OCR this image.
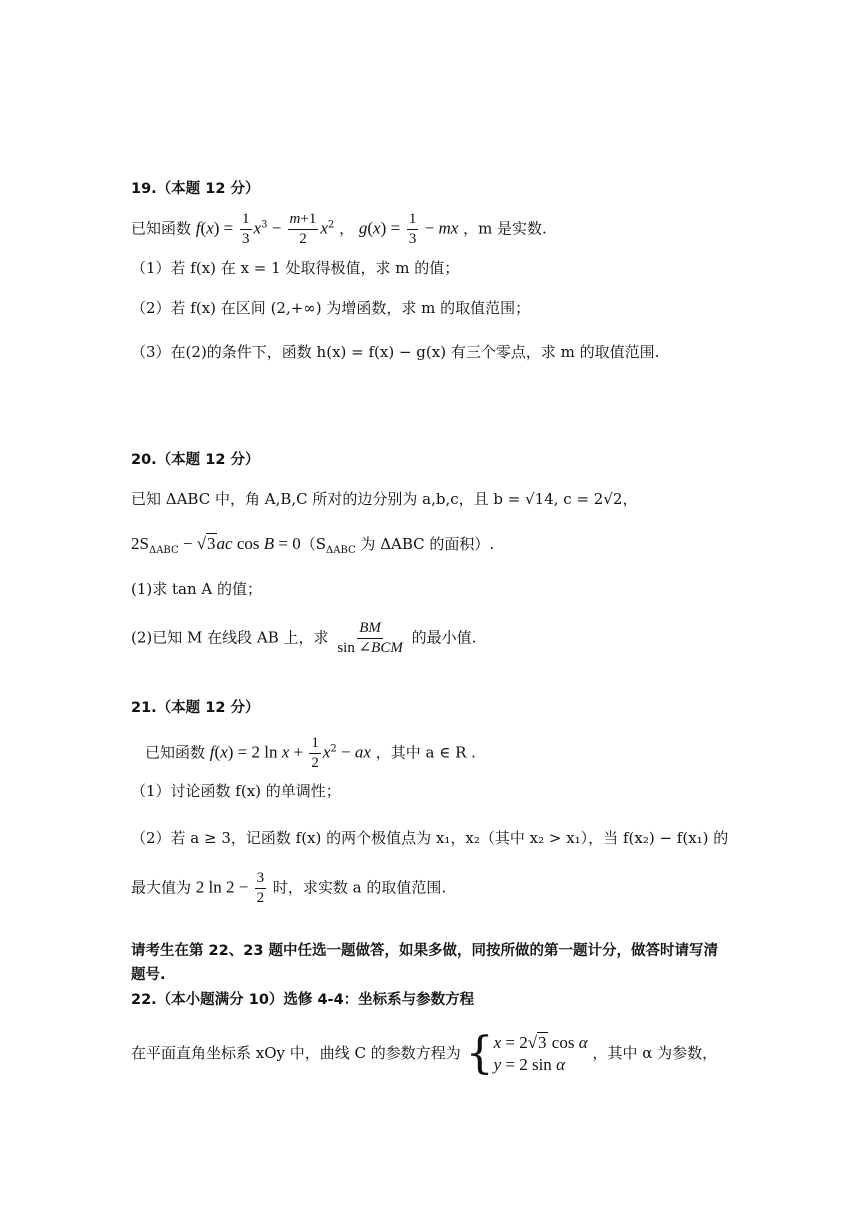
19.（本题 12 分）
已知函数 $f(x) = \frac{1}{3} x^3 - \frac{m+1}{2} x^2$ ， $g(x) = \frac{1}{3}$ − mx ，m 是实数.
（1）若 f(x) 在 x = 1 处取得极值，求 m 的值；
（2）若 f(x) 在区间 (2,+∞) 为增函数，求 m 的取值范围；
（3）在(2)的条件下，函数 h(x) = f(x) − g(x) 有三个零点，求 m 的取值范围.
20.（本题 12 分）
已知 ΔABC 中，角 A,B,C 所对的边分别为 a,b,c，且 b = √14, c = 2√2，
$2S_{\Delta ABC} - √3ac$ $\cos B = 0(S_{\Delta ABC}$ 为 ΔABC 的面积）.
(1)求 tan A 的值；
(2)已知 M 在线段 AB 上，求 $\frac{BM}{\text{sin ∠BCM}}$ 的最小值.
21.（本题 12 分）
已知函数 f(x) = 2 $\ln x + \frac{1}{2} x^2$ − ax ，其中 a ∈ R .
（1）讨论函数 f(x) 的单调性；
（2）若 a ≥ 3，记函数 f(x) 的两个极值点为 x₁，x₂（其中 x₂ > x₁），当 f(x₂) − f(x₁) 的
最大值为 2 $\ln 2 - \frac{3}{2}$ 时，求实数 a 的取值范围.
请考生在第 22、23 题中任选一题做答，如果多做，同按所做的第一题计分，做答时请写清
题号.
22.（本小题满分 10）选修 4-4：坐标系与参数方程
在平面直角坐标系 xOy 中，曲线 C 的参数方程为 { x = 2√3 cos α
y = 2 sin α
，其中 α 为参数，
